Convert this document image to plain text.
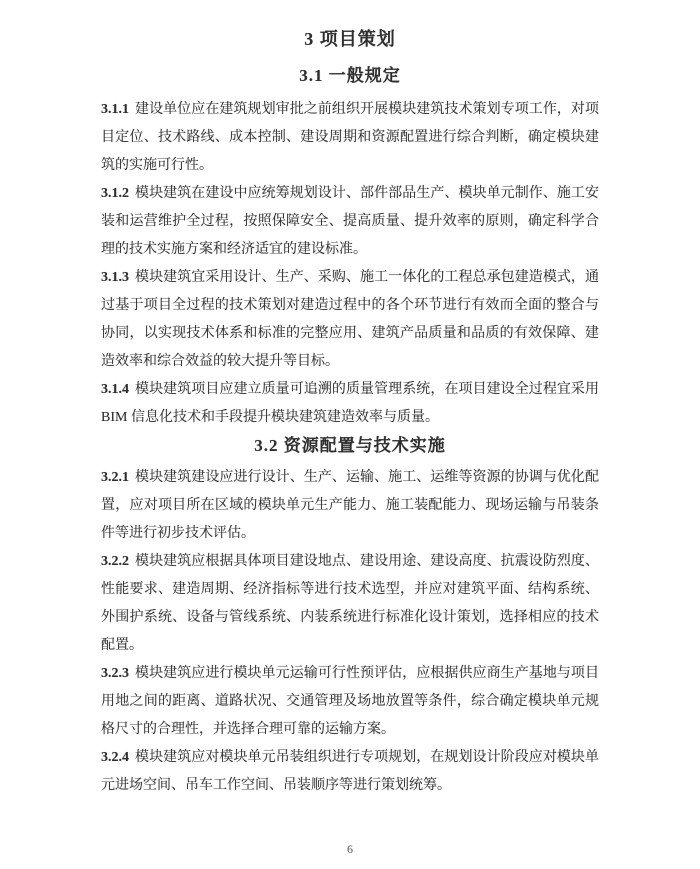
3 项目策划
3.1 一般规定

3.1.1 建设单位应在建筑规划审批之前组织开展模块建筑技术策划专项工作，对项目定位、技术路线、成本控制、建设周期和资源配置进行综合判断，确定模块建筑的实施可行性。

3.1.2 模块建筑在建设中应统筹规划设计、部件部品生产、模块单元制作、施工安装和运营维护全过程，按照保障安全、提高质量、提升效率的原则，确定科学合理的技术实施方案和经济适宜的建设标准。

3.1.3 模块建筑宜采用设计、生产、采购、施工一体化的工程总承包建造模式，通过基于项目全过程的技术策划对建造过程中的各个环节进行有效而全面的整合与协同，以实现技术体系和标准的完整应用、建筑产品质量和品质的有效保障、建造效率和综合效益的较大提升等目标。

3.1.4 模块建筑项目应建立质量可追溯的质量管理系统，在项目建设全过程宜采用 BIM 信息化技术和手段提升模块建筑建造效率与质量。

3.2 资源配置与技术实施

3.2.1 模块建筑建设应进行设计、生产、运输、施工、运维等资源的协调与优化配置，应对项目所在区域的模块单元生产能力、施工装配能力、现场运输与吊装条件等进行初步技术评估。

3.2.2 模块建筑应根据具体项目建设地点、建设用途、建设高度、抗震设防烈度、性能要求、建造周期、经济指标等进行技术选型，并应对建筑平面、结构系统、外围护系统、设备与管线系统、内装系统进行标准化设计策划，选择相应的技术配置。

3.2.3 模块建筑应进行模块单元运输可行性预评估，应根据供应商生产基地与项目用地之间的距离、道路状况、交通管理及场地放置等条件，综合确定模块单元规格尺寸的合理性，并选择合理可靠的运输方案。

3.2.4 模块建筑应对模块单元吊装组织进行专项规划，在规划设计阶段应对模块单元进场空间、吊车工作空间、吊装顺序等进行策划统筹。

6
